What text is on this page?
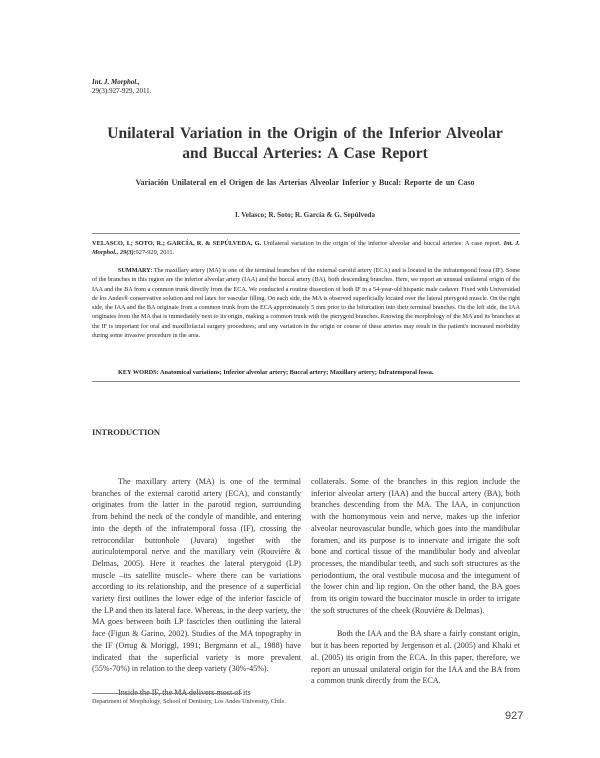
Int. J. Morphol.,
29(3):927-929, 2011.
Unilateral Variation in the Origin of the Inferior Alveolar
and Buccal Arteries: A Case Report
Variación Unilateral en el Origen de las Arterias Alveolar Inferior y Bucal: Reporte de un Caso
I. Velasco; R. Soto; R. García & G. Sepúlveda
VELASCO, I.; SOTO, R.; GARCÍA, R. & SEPÚLVEDA, G. Unilateral variation in the origin of the inferior alveolar and buccal arteries: A case report. Int. J. Morphol., 29(3):927-929, 2011.
SUMMARY: The maxillary artery (MA) is one of the terminal branches of the external carotid artery (ECA) and is located in the infratemporal fossa (IF). Some of the branches in this region are the inferior alveolar artery (IAA) and the buccal artery (BA), both descending branches. Here, we report an unusual unilateral origin of the IAA and the BA from a common trunk directly from the ECA. We conducted a routine dissection of both IF in a 54-year-old hispanic male cadaver. Fixed with Universidad de los Andes® conservative solution and red latex for vascular filling. On each side, the MA is observed superficially located over the lateral pterygoid muscle. On the right side, the IAA and the BA originate from a common trunk from the ECA approximately 5 mm prior to the bifurcation into their terminal branches. On the left side, the IAA originates from the MA that is immediately next to its origin, making a common trunk with the pterygoid branches. Knowing the morphology of the MA and its branches at the IF is important for oral and maxillofacial surgery procedures; and any variation in the origin or course of these arteries may result in the patient's increased morbidity during some invasive procedure in the area.
KEY WORDS: Anatomical variations; Inferior alveolar artery; Buccal artery; Maxillary artery; Infratemporal fossa.
INTRODUCTION

The maxillary artery (MA) is one of the terminal branches of the external carotid artery (ECA), and constantly originates from the latter in the parotid region, surrounding from behind the neck of the condyle of mandible, and entering into the depth of the infratemporal fossa (IF), crossing the retrocondilar buttonhole (Juvara) together with the auriculotemporal nerve and the maxillary vein (Rouvière & Delmas, 2005). Here it reaches the lateral pterygoid (LP) muscle –its satellite muscle– where there can be variations according to its relationship, and the presence of a superficial variety first outlines the lower edge of the inferior fascicle of the LP and then its lateral face. Whereas, in the deep variety, the MA goes between both LP fascicles then outlining the lateral face (Figun & Garino, 2002). Studies of the MA topography in the IF (Ortug & Moriggl, 1991; Bergmann et al., 1988) have indicated that the superficial variety is more prevalent (55%-70%) in relation to the deep variety (30%-45%).

Inside the IF, the MA delivers most of its

collaterals. Some of the branches in this region include the inferior alveolar artery (IAA) and the buccal artery (BA), both branches descending from the MA. The IAA, in conjunction with the homonymous vein and nerve, makes up the inferior alveolar neurovascular bundle, which goes into the mandibular foramen, and its purpose is to innervate and irrigate the soft bone and cortical tissue of the mandibular body and alveolar processes, the mandibular teeth, and such soft structures as the periodontium, the oral vestibule mucosa and the integument of the lower chin and lip region. On the other hand, the BA goes from its origin toward the buccinator muscle in order to irrigate the soft structures of the cheek (Rouvière & Delmas).

Both the IAA and the BA share a fairly constant origin, but it has been reported by Jergenson et al. (2005) and Khaki et al. (2005) its origin from the ECA. In this paper, therefore, we report an unusual unilateral origin for the IAA and the BA from a common trunk directly from the ECA.

Department of Morphology, School of Dentistry, Los Andes University, Chile.
927
